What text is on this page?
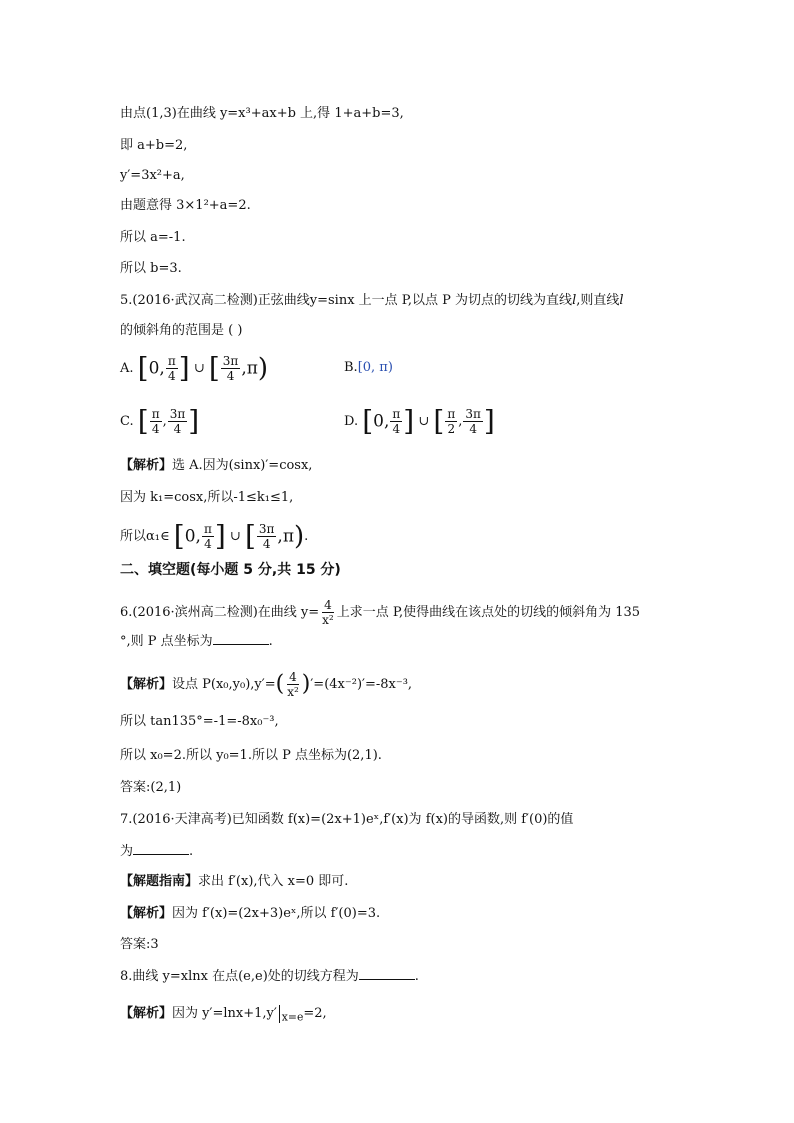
由点(1,3)在曲线 y=x³+ax+b 上,得 1+a+b=3,
即 a+b=2,
y′=3x²+a,
由题意得 3×1²+a=2.
所以 a=-1.
所以 b=3.
5.(2016·武汉高二检测)正弦曲线y=sinx 上一点 P,以点 P 为切点的切线为直线l,则直线l
的倾斜角的范围是 ( )
A. [0, $\frac{\pi}{4}$ ] ∪ [ $\frac{3\pi}{4} ,\pi$)	B.[0, π)
C. [ $\frac{\pi}{4}$ , $\frac{3\pi}{4}$ ]	D. [0, $\frac{\pi}{4}$ ] ∪ [ $\frac{\pi}{2}$ , $\frac{3\pi}{4}$ ]
【解析】选 A.因为(sinx)′=cosx,
因为 k₁=cosx,所以-1≤k₁≤1,
所以α₁∈ [0, $\frac{\pi}{4}$ ] ∪ [ $\frac{3\pi}{4} ,\pi$).
二、填空题(每小题 5 分,共 15 分)
6.(2016·滨州高二检测)在曲线 $y= \frac{4}{\text{x²}}$ 上求一点 P,使得曲线在该点处的切线的倾斜角为 135
°,则 P 点坐标为	.
【解析】设点 $P(x_0,y_0),y'=( \frac{4}{\text{x²}} )'=(4x^{-2})'=-8x^{-3}$,
所以 tan135°=-1=-8x₀⁻³,
所以 x₀=2.所以 y₀=1.所以 P 点坐标为(2,1).
答案:(2,1)
7.(2016·天津高考)已知函数 f(x)=(2x+1)eˣ,f′(x)为 f(x)的导函数,则 f′(0)的值
为	.
【解题指南】求出 f′(x),代入 x=0 即可.
【解析】因为 f′(x)=(2x+3)eˣ,所以 f′(0)=3.
答案:3
8.曲线 y=xlnx 在点(e,e)处的切线方程为	.
【解析】因为 y′=lnx+1,y′ $_{x=e}$=2,
